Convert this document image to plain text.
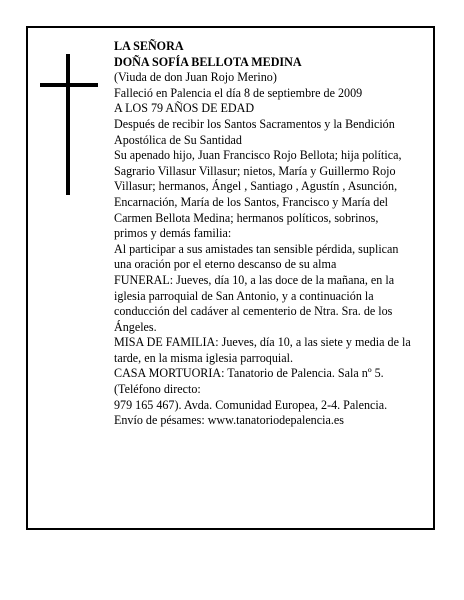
LA SEÑORA

DOÑA SOFÍA BELLOTA MEDINA

(Viuda de don Juan Rojo Merino)

Falleció en Palencia el día 8 de septiembre de 2009

A LOS 79 AÑOS DE EDAD

Después de recibir los Santos Sacramentos y la Bendición Apostólica de Su Santidad

Su apenado hijo, Juan Francisco Rojo Bellota; hija política, Sagrario Villasur Villasur; nietos, María y Guillermo Rojo Villasur; hermanos, Ángel , Santiago , Agustín , Asunción, Encarnación, María de los Santos, Francisco y María del Carmen Bellota Medina; hermanos políticos, sobrinos, primos y demás familia:

Al participar a sus amistades tan sensible pérdida, suplican una oración por el eterno descanso de su alma

FUNERAL: Jueves, día 10, a las doce de la mañana, en la iglesia parroquial de San Antonio, y a continuación la conducción del cadáver al cementerio de Ntra. Sra. de los Ángeles.

MISA DE FAMILIA: Jueves, día 10, a las siete y media de la tarde, en la misma iglesia parroquial.

CASA MORTUORIA: Tanatorio de Palencia. Sala nº 5. (Teléfono directo:

979 165 467). Avda. Comunidad Europea, 2-4. Palencia.

Envío de pésames: www.tanatoriodepalencia.es
